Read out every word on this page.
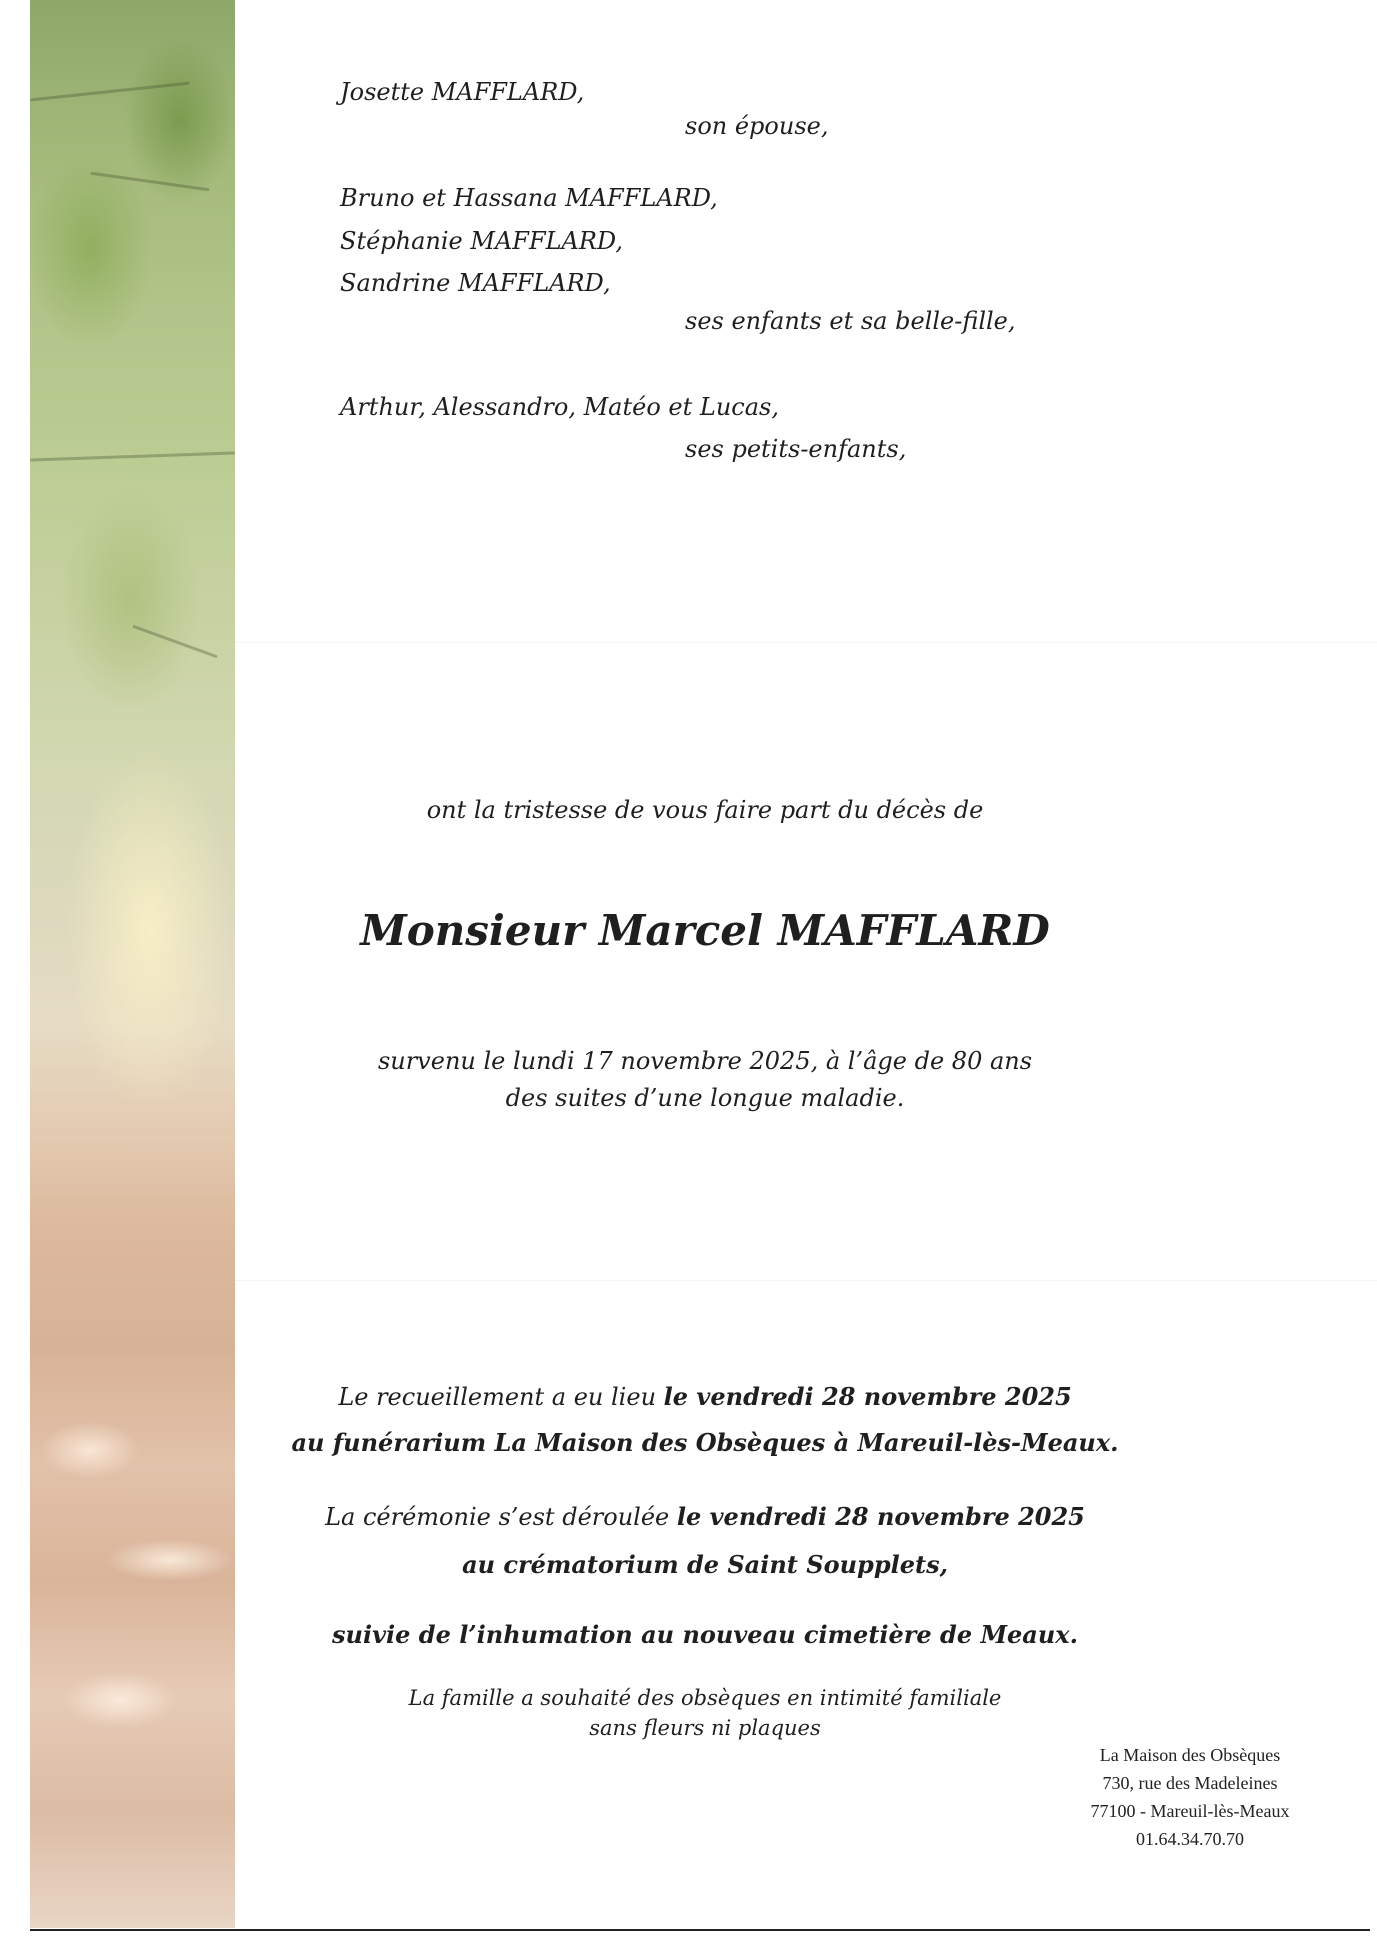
Josette MAFFLARD,
son épouse,
Bruno et Hassana MAFFLARD,
Stéphanie MAFFLARD,
Sandrine MAFFLARD,
ses enfants et sa belle-fille,
Arthur, Alessandro, Matéo et Lucas,
ses petits-enfants,
ont la tristesse de vous faire part du décès de
Monsieur Marcel MAFFLARD
survenu le lundi 17 novembre 2025, à l’âge de 80 ans
des suites d’une longue maladie.
Le recueillement a eu lieu le vendredi 28 novembre 2025
au funérarium La Maison des Obsèques à Mareuil-lès-Meaux.
La cérémonie s’est déroulée le vendredi 28 novembre 2025
au crématorium de Saint Soupplets,
suivie de l’inhumation au nouveau cimetière de Meaux.
La famille a souhaité des obsèques en intimité familiale
sans fleurs ni plaques
La Maison des Obsèques
730, rue des Madeleines
77100 - Mareuil-lès-Meaux
01.64.34.70.70
